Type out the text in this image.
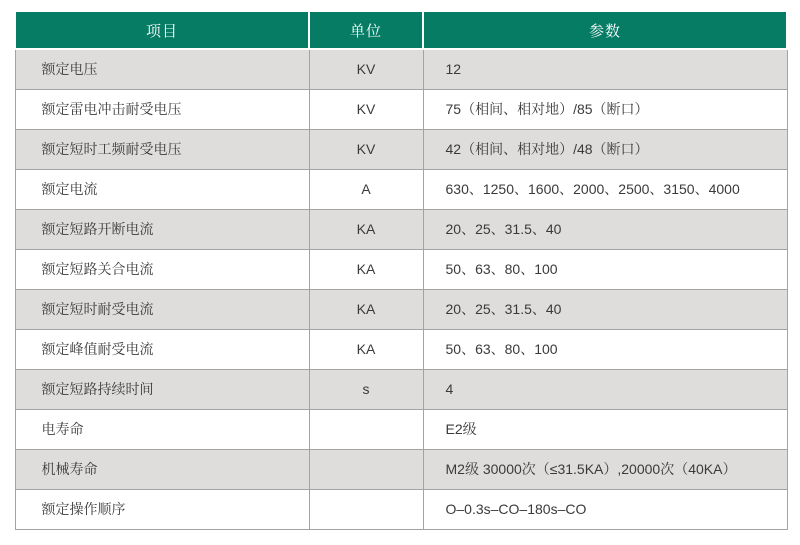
项目	单位	参数
额定电压	KV	12
额定雷电冲击耐受电压	KV	75（相间、相对地）/85（断口）
额定短时工频耐受电压	KV	42（相间、相对地）/48（断口）
额定电流	A	630、1250、1600、2000、2500、3150、4000
额定短路开断电流	KA	20、25、31.5、40
额定短路关合电流	KA	50、63、80、100
额定短时耐受电流	KA	20、25、31.5、40
额定峰值耐受电流	KA	50、63、80、100
额定短路持续时间	s	4
电寿命		E2级
机械寿命		M2级 30000次（≤31.5KA）,20000次（40KA）
额定操作顺序		O–0.3s–CO–180s–CO
